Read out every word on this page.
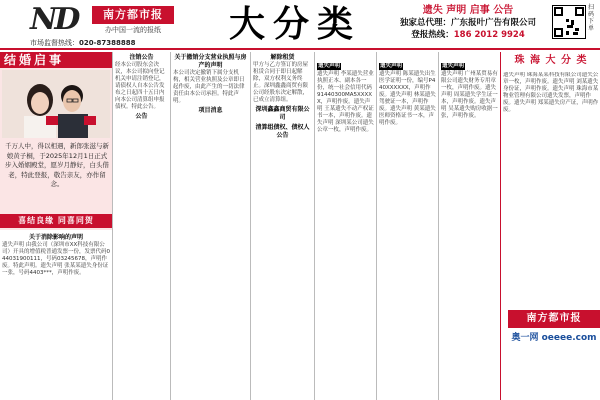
ND	南方都市报
办中国一流的报纸
市场监督热线：020-87388888	大分类	遗失 声明 启事 公告
独家总代理：广东报叶广告有限公司
登报热线：186 2012 9924
扫码下单
结婚启事
千万人中，得以相遇，新郎张滋与新娘黄子桐，于2025年12月1日正式步入婚姻殿堂，愿岁月静好，白头偕老，特此登报，敬告亲友，亦作留念。
喜结良缘 同喜同贺
关于消除影响的声明
遗失声明 由我公司（深圳市XX科技有限公司）开具的增值税普通发票一份，发票代码044031900111，号码03245678，声明作废。特此声明。遗失声明 张某某遗失身份证一张，号码4403***，声明作废。
注销公告
经本公司股东会决议，本公司拟向登记机关申请注销登记，请债权人自本公告发布之日起四十五日内向本公司清算组申报债权。特此公告。
公告
关于撤销分支营业执照与房产的声明
本公司决定撤销下属分支机构，相关营业执照及公章即日起作废，由此产生的一切法律责任由本公司承担。特此声明。
项目消息
解除租赁
甲方与乙方签订的房屋租赁合同于即日起解除，双方权利义务终止。深圳鑫鑫商贸有限公司经股东决定解散，已成立清算组。
深圳鑫鑫商贸有限公司
清算组债权、债权人公告
遗失声明
遗失声明 李某遗失营业执照正本、副本各一份，统一社会信用代码91440300MA5XXXXX，声明作废。遗失声明 王某遗失不动产权证书一本，声明作废。遗失声明 深圳某公司遗失公章一枚，声明作废。
遗失声明
遗失声明 陈某遗失出生医学证明一份，编号P440XXXXXX，声明作废。遗失声明 林某遗失驾驶证一本，声明作废。遗失声明 黄某遗失医师资格证书一本，声明作废。
遗失声明
遗失声明 广州某贸易有限公司遗失财务专用章一枚，声明作废。遗失声明 周某遗失学生证一本，声明作废。遗失声明 吴某遗失购房收据一张，声明作废。
珠 海 大 分 类
遗失声明 珠海某某科技有限公司遗失公章一枚，声明作废。遗失声明 刘某遗失身份证，声明作废。遗失声明 珠海市某物业管理有限公司遗失发票，声明作废。遗失声明 郑某遗失房产证，声明作废。
南方都市报
奥一网 oeeee.com
